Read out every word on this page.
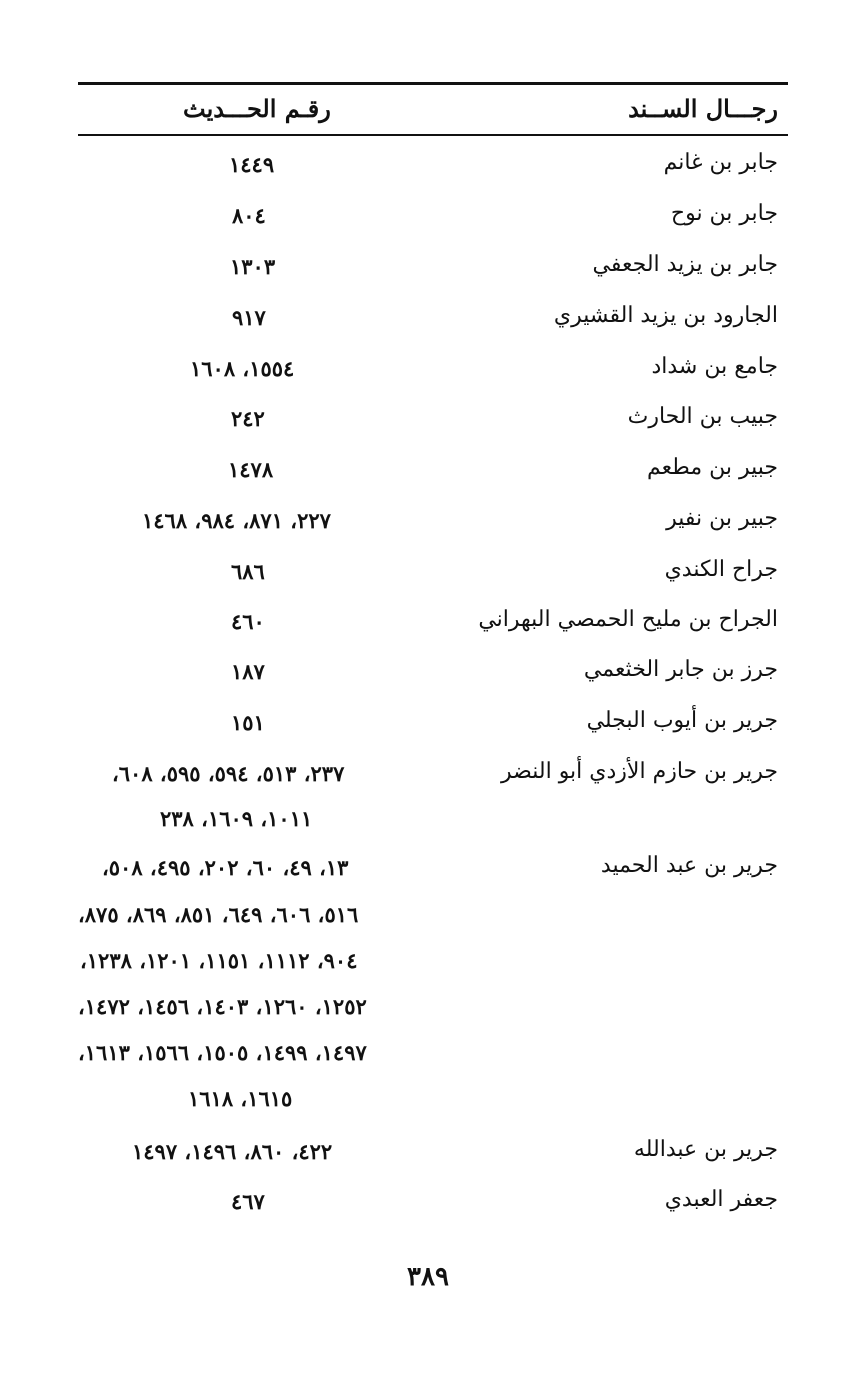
رجـــال الســند
رقـم الحـــديث
جابر بن غانم
١٤٤٩
جابر بن نوح
٨٠٤
جابر بن يزيد الجعفي
١٣٠٣
الجارود بن يزيد القشيري
٩١٧
جامع بن شداد
١٥٥٤، ١٦٠٨
جبيب بن الحارث
٢٤٢
جبير بن مطعم
١٤٧٨
جبير بن نفير
٢٢٧، ٨٧١، ٩٨٤، ١٤٦٨
جراح الكندي
٦٨٦
الجراح بن مليح الحمصي البهراني
٤٦٠
جرز بن جابر الخثعمي
١٨٧
جرير بن أيوب البجلي
١٥١
جرير بن حازم الأزدي أبو النضر
٢٣٧، ٥١٣، ٥٩٤، ٥٩٥، ٦٠٨،
١٠١١، ١٦٠٩، ٢٣٨
جرير بن عبد الحميد
١٣، ٤٩، ٦٠، ٢٠٢، ٤٩٥، ٥٠٨،
٥١٦، ٦٠٦، ٦٤٩، ٨٥١، ٨٦٩، ٨٧٥،
٩٠٤، ١١١٢، ١١٥١، ١٢٠١، ١٢٣٨،
١٢٥٢، ١٢٦٠، ١٤٠٣، ١٤٥٦، ١٤٧٢،
١٤٩٧، ١٤٩٩، ١٥٠٥، ١٥٦٦، ١٦١٣،
١٦١٥، ١٦١٨
جرير بن عبدالله
٤٢٢، ٨٦٠، ١٤٩٦، ١٤٩٧
جعفر العبدي
٤٦٧
٣٨٩
